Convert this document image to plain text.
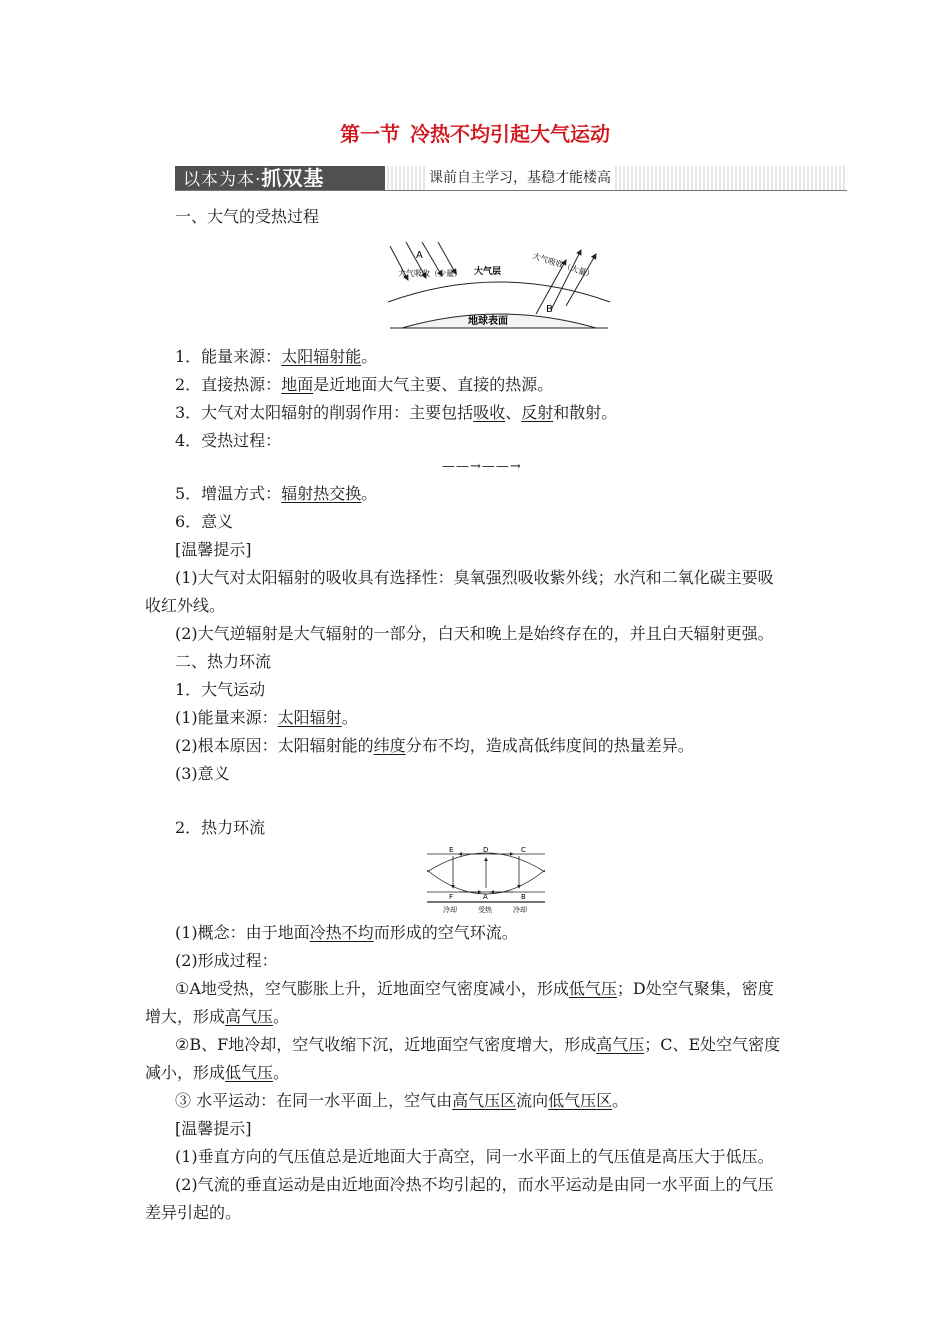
第一节 冷热不均引起大气运动
以本为本·抓双基	课前自主学习，基稳才能楼高
一、大气的受热过程
A
B
大气吸收（少量） 大气层	大气吸收（大量）
地球表面
1．能量来源：太阳辐射能。
2．直接热源：地面是近地面大气主要、直接的热源。
3．大气对太阳辐射的削弱作用：主要包括吸收、反射和散射。
4．受热过程：
——→——→
5．增温方式：辐射热交换。
6．意义
[温馨提示]
(1)大气对太阳辐射的吸收具有选择性：臭氧强烈吸收紫外线；水汽和二氧化碳主要吸
收红外线。
(2)大气逆辐射是大气辐射的一部分，白天和晚上是始终存在的，并且白天辐射更强。
二、热力环流
1．大气运动
(1)能量来源：太阳辐射。
(2)根本原因：太阳辐射能的纬度分布不均，造成高低纬度间的热量差异。
(3)意义
2．热力环流
E	D	C
F	A	B
冷却	受热	冷却
(1)概念：由于地面冷热不均而形成的空气环流。
(2)形成过程：
①A地受热，空气膨胀上升，近地面空气密度减小，形成低气压；D处空气聚集，密度
增大，形成高气压。
②B、F地冷却，空气收缩下沉，近地面空气密度增大，形成高气压；C、E处空气密度
减小，形成低气压。
③ 水平运动：在同一水平面上，空气由高气压区流向低气压区。
[温馨提示]
(1)垂直方向的气压值总是近地面大于高空，同一水平面上的气压值是高压大于低压。
(2)气流的垂直运动是由近地面冷热不均引起的，而水平运动是由同一水平面上的气压
差异引起的。
